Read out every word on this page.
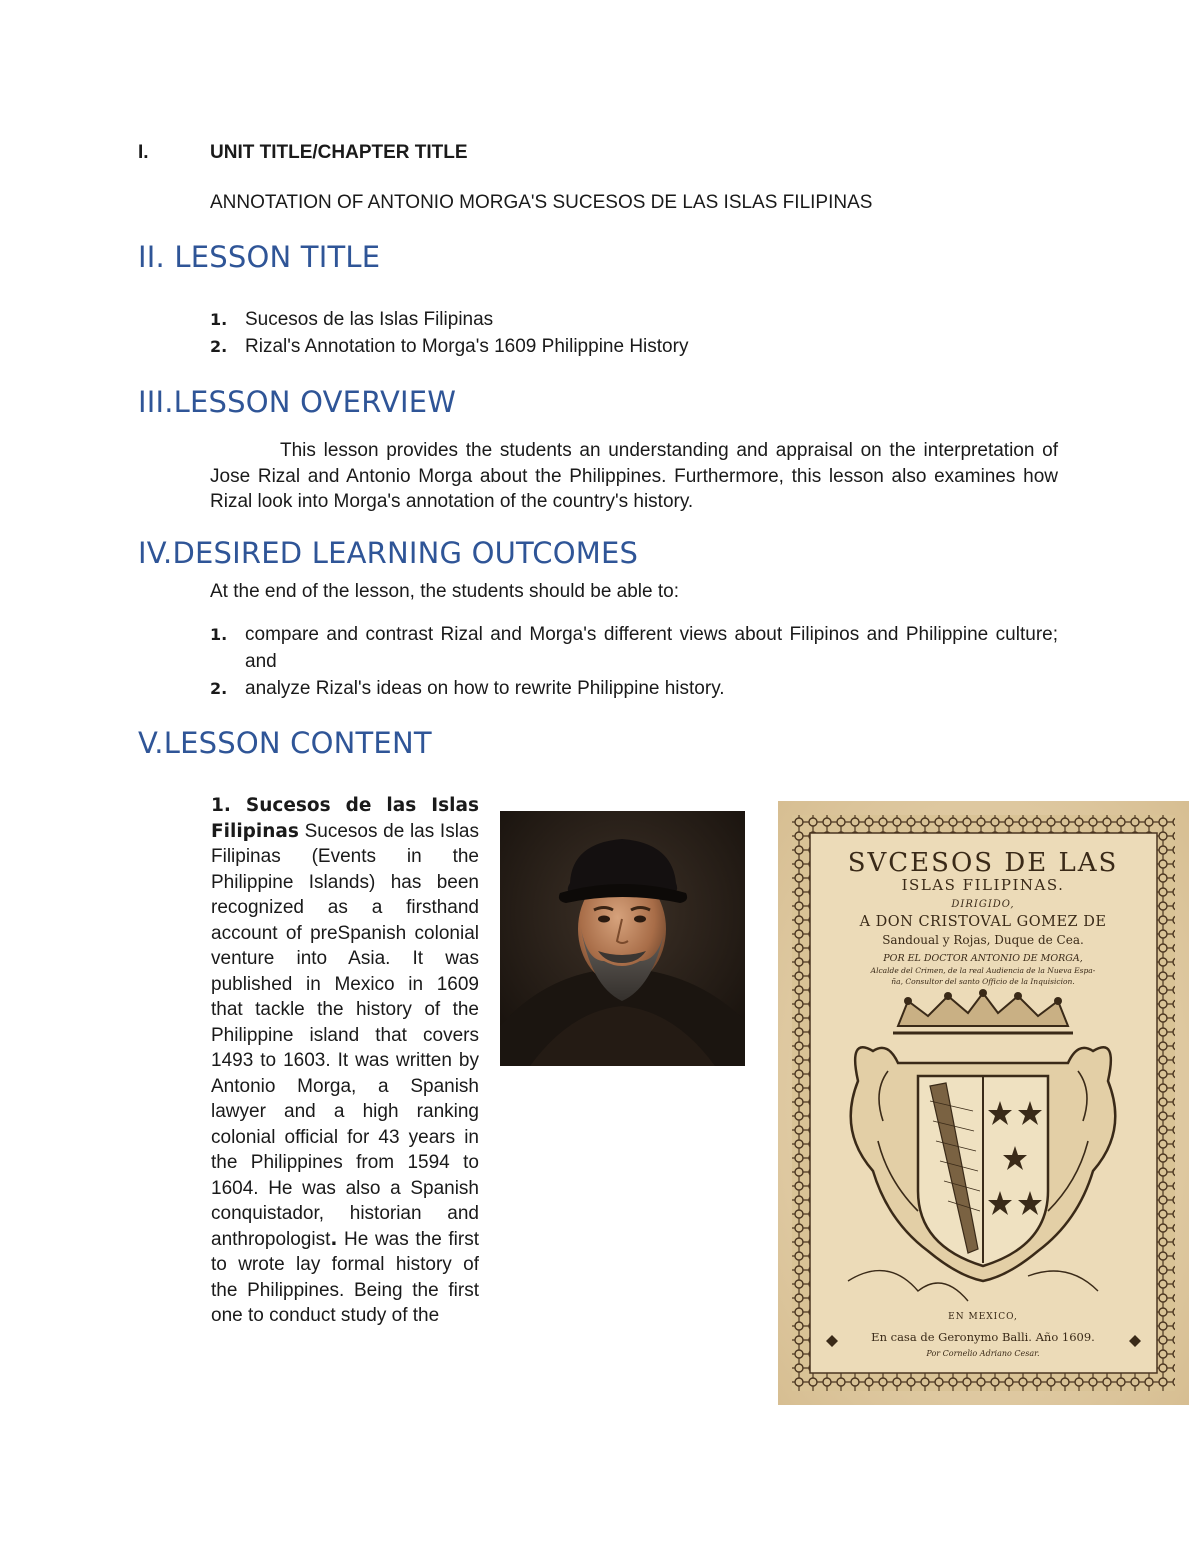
I.	UNIT TITLE/CHAPTER TITLE
ANNOTATION OF ANTONIO MORGA'S SUCESOS DE LAS ISLAS FILIPINAS
II. LESSON TITLE
1. Sucesos de las Islas Filipinas
2. Rizal's Annotation to Morga's 1609 Philippine History
III.LESSON OVERVIEW
This lesson provides the students an understanding and appraisal on the interpretation of Jose Rizal and Antonio Morga about the Philippines. Furthermore, this lesson also examines how Rizal look into Morga's annotation of the country's history.
IV.DESIRED LEARNING OUTCOMES
At the end of the lesson, the students should be able to:
1. compare and contrast Rizal and Morga's different views about Filipinos and Philippine culture; and
2. analyze Rizal's ideas on how to rewrite Philippine history.
V.LESSON CONTENT
1. Sucesos de las Islas Filipinas Sucesos de las Islas Filipinas (Events in the Philippine Islands) has been recognized as a firsthand account of preSpanish colonial venture into Asia. It was published in Mexico in 1609 that tackle the history of the Philippine island that covers 1493 to 1603. It was written by Antonio Morga, a Spanish lawyer and a high ranking colonial official for 43 years in the Philippines from 1594 to 1604. He was also a Spanish conquistador, historian and anthropologist. He was the first to wrote lay formal history of the Philippines. Being the first one to conduct study of the
SVCESOS DE LAS
ISLAS FILIPINAS.
DIRIGIDO,
A DON CRISTOVAL GOMEZ DE
Sandoual y Rojas, Duque de Cea.
POR EL DOCTOR ANTONIO DE MORGA,
Alcalde del Crimen, de la real Audiencia de la Nueva Espa-
ña, Consultor del santo Officio de la Inquisicion.
EN MEXICO,
En casa de Geronymo Balli. Año 1609.
Por Cornelio Adriano Cesar.
